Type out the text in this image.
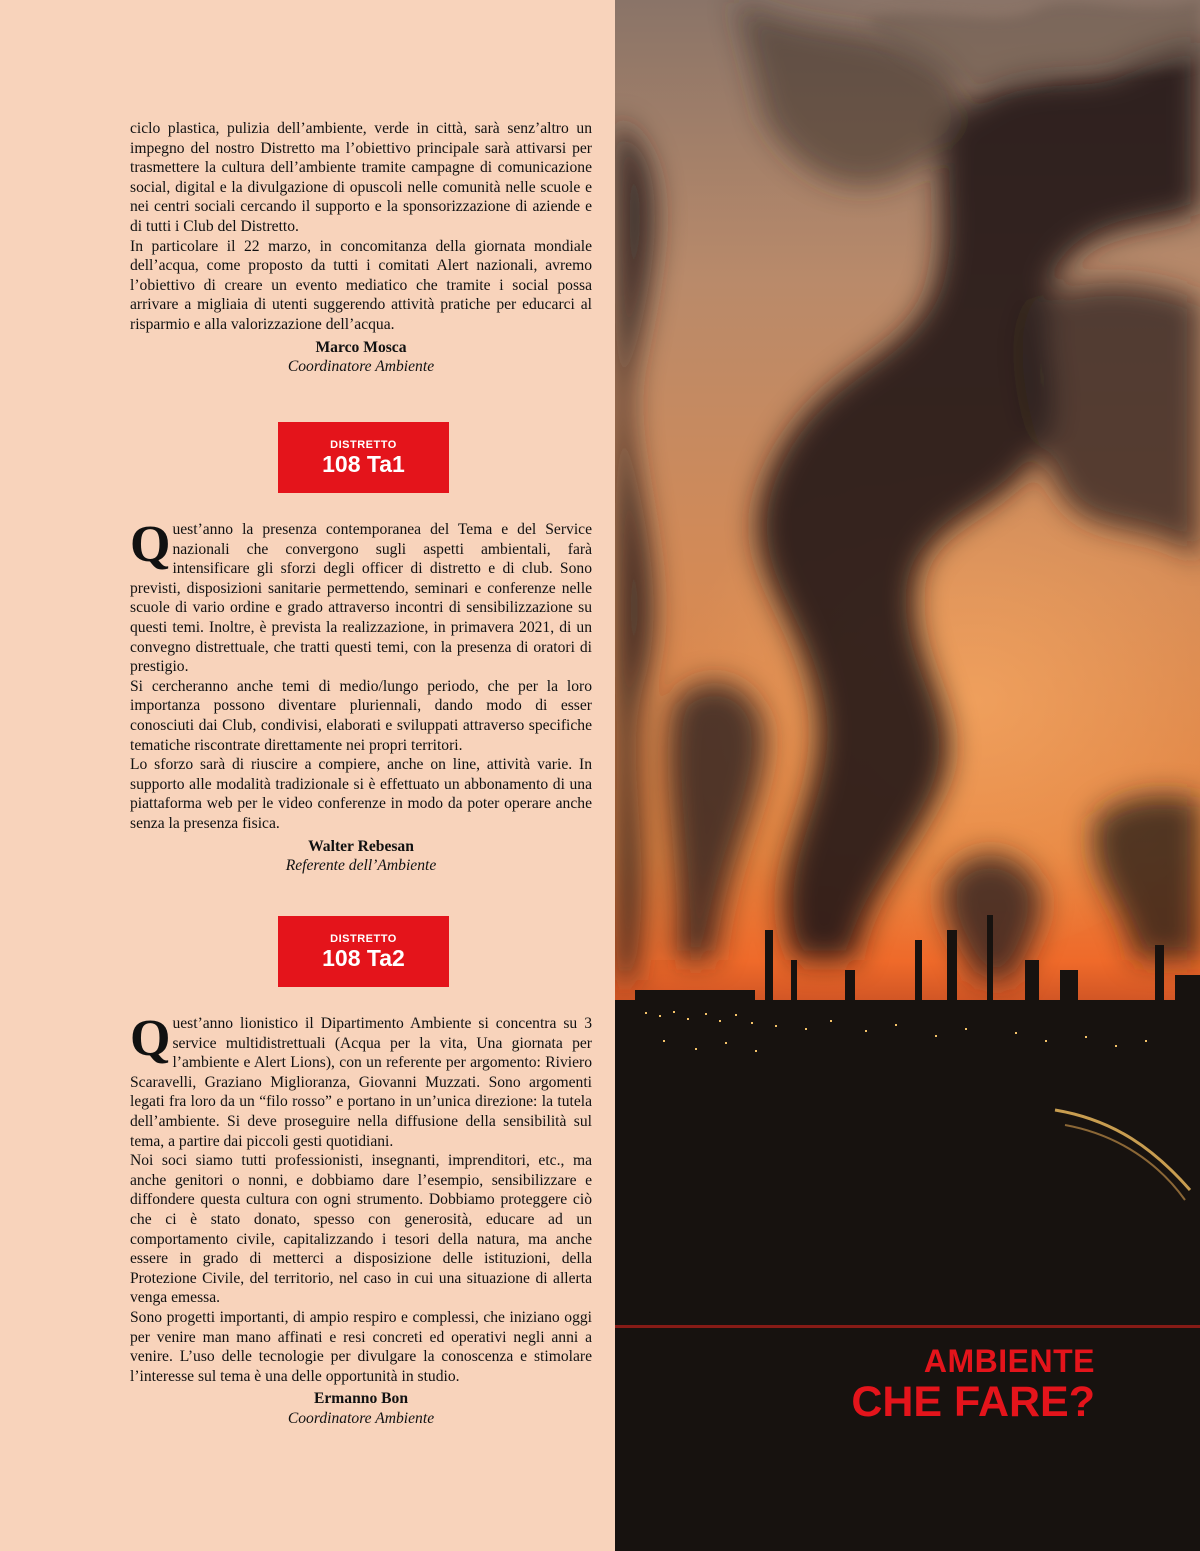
ciclo plastica, pulizia dell’ambiente, verde in città, sarà senz’altro un impegno del nostro Distretto ma l’obiettivo principale sarà attivarsi per trasmettere la cultura dell’ambiente tramite campagne di comunicazione social, digital e la divulgazione di opuscoli nelle comunità nelle scuole e nei centri sociali cercando il supporto e la sponsorizzazione di aziende e di tutti i Club del Distretto.

In particolare il 22 marzo, in concomitanza della giornata mondiale dell’acqua, come proposto da tutti i comitati Alert nazionali, avremo l’obiettivo di creare un evento mediatico che tramite i social possa arrivare a migliaia di utenti suggerendo attività pratiche per educarci al risparmio e alla valorizzazione dell’acqua.

Marco Mosca
Coordinatore Ambiente
DISTRETTO
108 Ta1

Quest’anno la presenza contemporanea del Tema e del Service nazionali che convergono sugli aspetti ambientali, farà intensificare gli sforzi degli officer di distretto e di club. Sono previsti, disposizioni sanitarie permettendo, seminari e conferenze nelle scuole di vario ordine e grado attraverso incontri di sensibilizzazione su questi temi. Inoltre, è prevista la realizzazione, in primavera 2021, di un convegno distrettuale, che tratti questi temi, con la presenza di oratori di prestigio.

Si cercheranno anche temi di medio/lungo periodo, che per la loro importanza possono diventare pluriennali, dando modo di esser conosciuti dai Club, condivisi, elaborati e sviluppati attraverso specifiche tematiche riscontrate direttamente nei propri territori.

Lo sforzo sarà di riuscire a compiere, anche on line, attività varie. In supporto alle modalità tradizionale si è effettuato un abbonamento di una piattaforma web per le video conferenze in modo da poter operare anche senza la presenza fisica.

Walter Rebesan
Referente dell’Ambiente
DISTRETTO
108 Ta2

Quest’anno lionistico il Dipartimento Ambiente si concentra su 3 service multidistrettuali (Acqua per la vita, Una giornata per l’ambiente e Alert Lions), con un referente per argomento: Riviero Scaravelli, Graziano Miglioranza, Giovanni Muzzati. Sono argomenti legati fra loro da un “filo rosso” e portano in un’unica direzione: la tutela dell’ambiente. Si deve proseguire nella diffusione della sensibilità sul tema, a partire dai piccoli gesti quotidiani.

Noi soci siamo tutti professionisti, insegnanti, imprenditori, etc., ma anche genitori o nonni, e dobbiamo dare l’esempio, sensibilizzare e diffondere questa cultura con ogni strumento. Dobbiamo proteggere ciò che ci è stato donato, spesso con generosità, educare ad un comportamento civile, capitalizzando i tesori della natura, ma anche essere in grado di metterci a disposizione delle istituzioni, della Protezione Civile, del territorio, nel caso in cui una situazione di allerta venga emessa.

Sono progetti importanti, di ampio respiro e complessi, che iniziano oggi per venire man mano affinati e resi concreti ed operativi negli anni a venire. L’uso delle tecnologie per divulgare la conoscenza e stimolare l’interesse sul tema è una delle opportunità in studio.

Ermanno Bon
Coordinatore Ambiente
AMBIENTE
CHE FARE?
